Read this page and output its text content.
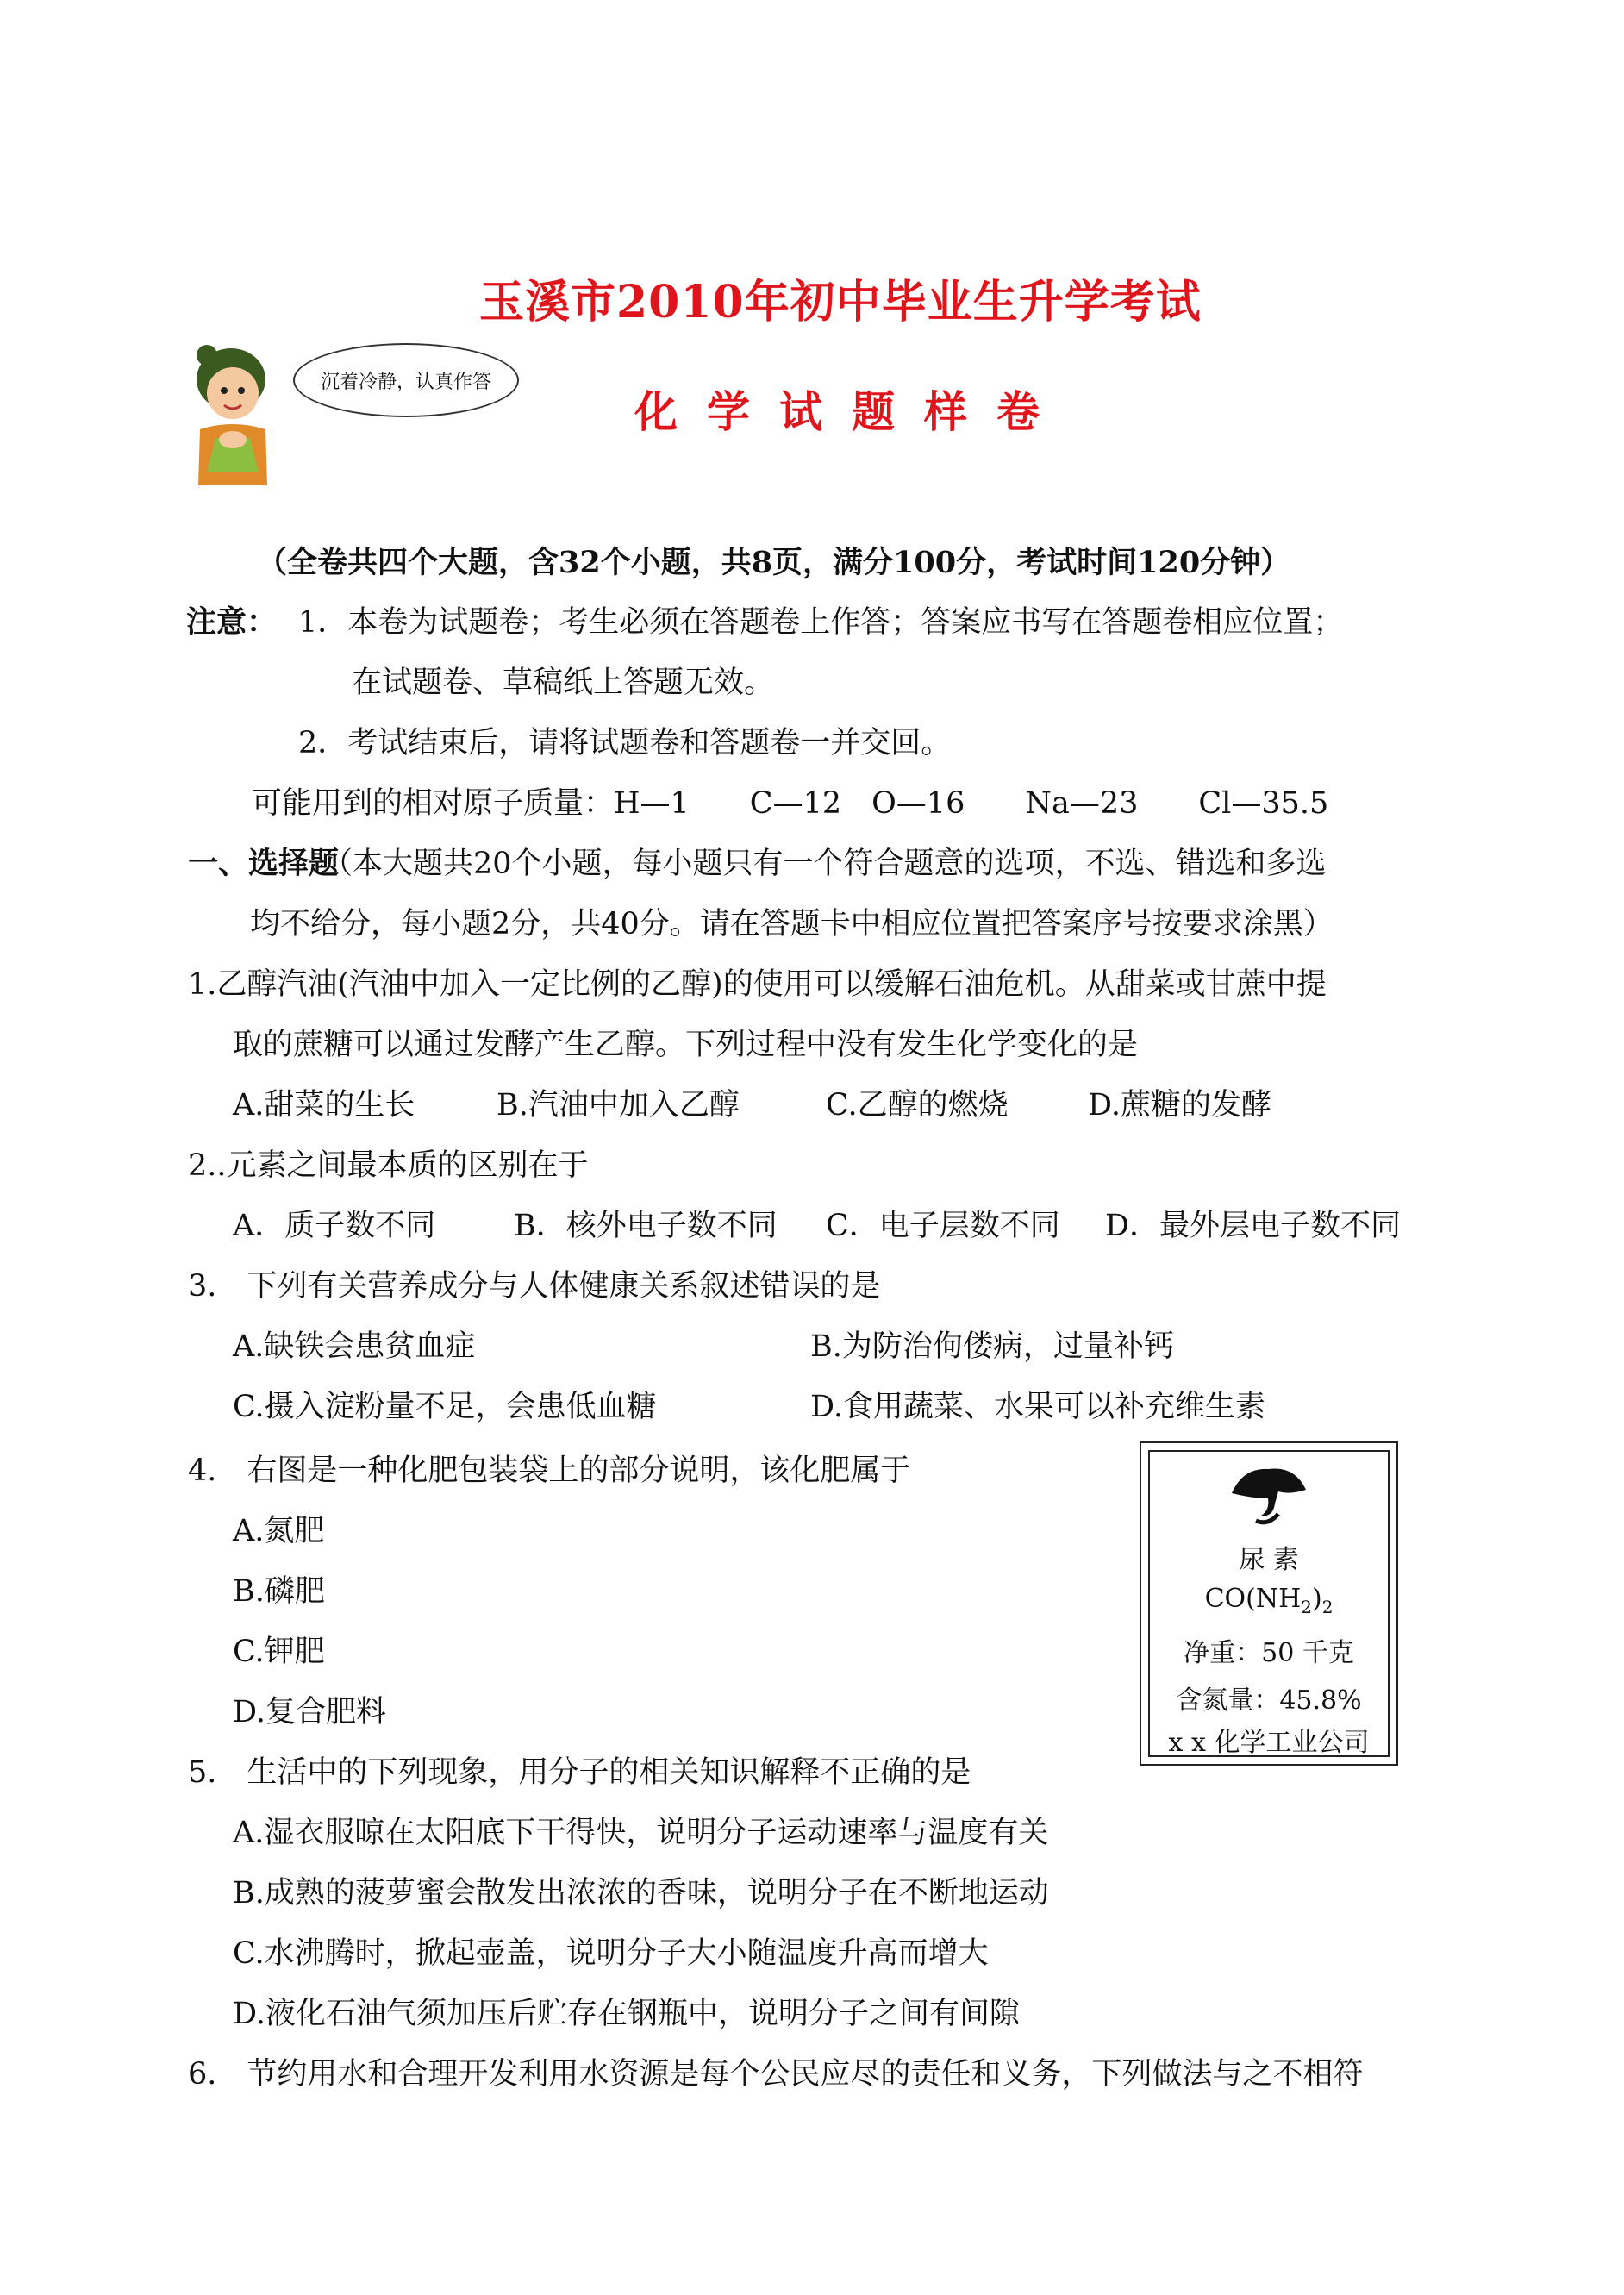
玉溪市2010年初中毕业生升学考试
化学试题样卷
沉着冷静，认真作答
（全卷共四个大题，含32个小题，共8页，满分100分，考试时间120分钟）
注意： 1．本卷为试题卷；考生必须在答题卷上作答；答案应书写在答题卷相应位置；
在试题卷、草稿纸上答题无效。
2．考试结束后，请将试题卷和答题卷一并交回。
可能用到的相对原子质量：H—1　　C—12　O—16　　Na—23　　Cl—35.5
一、选择题
（本大题共20个小题，每小题只有一个符合题意的选项，不选、错选和多选
均不给分，每小题2分，共40分。请在答题卡中相应位置把答案序号按要求涂黑）
1.乙醇汽油(汽油中加入一定比例的乙醇)的使用可以缓解石油危机。从甜菜或甘蔗中提
取的蔗糖可以通过发酵产生乙醇。下列过程中没有发生化学变化的是
A.甜菜的生长	B.汽油中加入乙醇	C.乙醇的燃烧	D.蔗糖的发酵
2..元素之间最本质的区别在于
A．质子数不同	B．核外电子数不同 C．电子层数不同 D．最外层电子数不同
3.　下列有关营养成分与人体健康关系叙述错误的是
A.缺铁会患贫血症	B.为防治佝偻病，过量补钙
C.摄入淀粉量不足，会患低血糖	D.食用蔬菜、水果可以补充维生素
4.　右图是一种化肥包装袋上的部分说明，该化肥属于
A.氮肥
B.磷肥
C.钾肥
D.复合肥料
尿 素
$CO(NH_2)_2$
净重：50 千克
含氮量：45.8%
x x 化学工业公司
5.　生活中的下列现象，用分子的相关知识解释不正确的是
A.湿衣服晾在太阳底下干得快，说明分子运动速率与温度有关
B.成熟的菠萝蜜会散发出浓浓的香味，说明分子在不断地运动
C.水沸腾时，掀起壶盖，说明分子大小随温度升高而增大
D.液化石油气须加压后贮存在钢瓶中，说明分子之间有间隙
6.　节约用水和合理开发利用水资源是每个公民应尽的责任和义务，下列做法与之不相符
